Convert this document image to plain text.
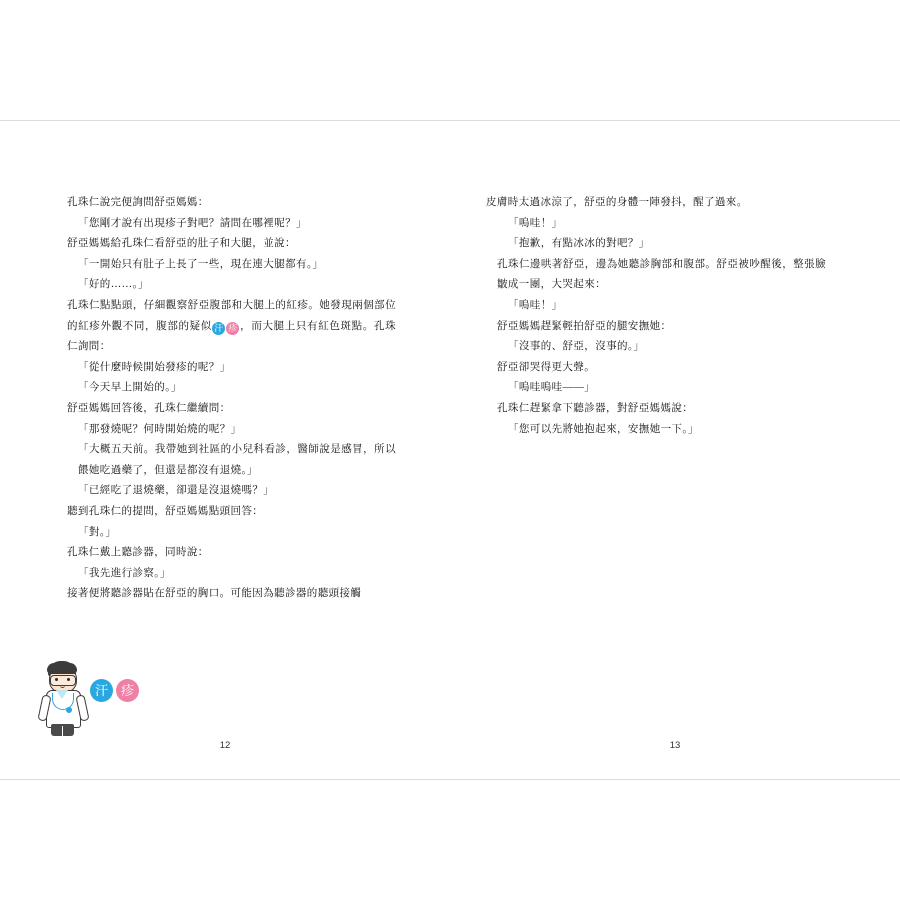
孔珠仁說完便詢問舒亞媽媽：

「您剛才說有出現疹子對吧？請問在哪裡呢？」

舒亞媽媽給孔珠仁看舒亞的肚子和大腿，並說：

「一開始只有肚子上長了一些，現在連大腿都有。」

「好的……。」

孔珠仁點點頭，仔細觀察舒亞腹部和大腿上的紅疹。她發現兩個部位的紅疹外觀不同，腹部的疑似 汗 疹 ，而大腿上只有紅色斑點。孔珠仁詢問：

「從什麼時候開始發疹的呢？」

「今天早上開始的。」

舒亞媽媽回答後，孔珠仁繼續問：

「那發燒呢？何時開始燒的呢？」

「大概五天前。我帶她到社區的小兒科看診，醫師說是感冒，所以餵她吃過藥了，但還是都沒有退燒。」

「已經吃了退燒藥，卻還是沒退燒嗎？」

聽到孔珠仁的提問，舒亞媽媽點頭回答：

「對。」

孔珠仁戴上聽診器，同時說：

「我先進行診察。」

接著便將聽診器貼在舒亞的胸口。可能因為聽診器的聽頭接觸

汗 疹
12

皮膚時太過冰涼了，舒亞的身體一陣發抖，醒了過來。

「嗚哇！」

「抱歉，有點冰冰的對吧？」

孔珠仁邊哄著舒亞，邊為她聽診胸部和腹部。舒亞被吵醒後，整張臉皺成一團，大哭起來：

「嗚哇！」

舒亞媽媽趕緊輕拍舒亞的腿安撫她：

「沒事的、舒亞，沒事的。」

舒亞卻哭得更大聲。

「嗚哇嗚哇——」

孔珠仁趕緊拿下聽診器，對舒亞媽媽說：

「您可以先將她抱起來，安撫她一下。」

13
